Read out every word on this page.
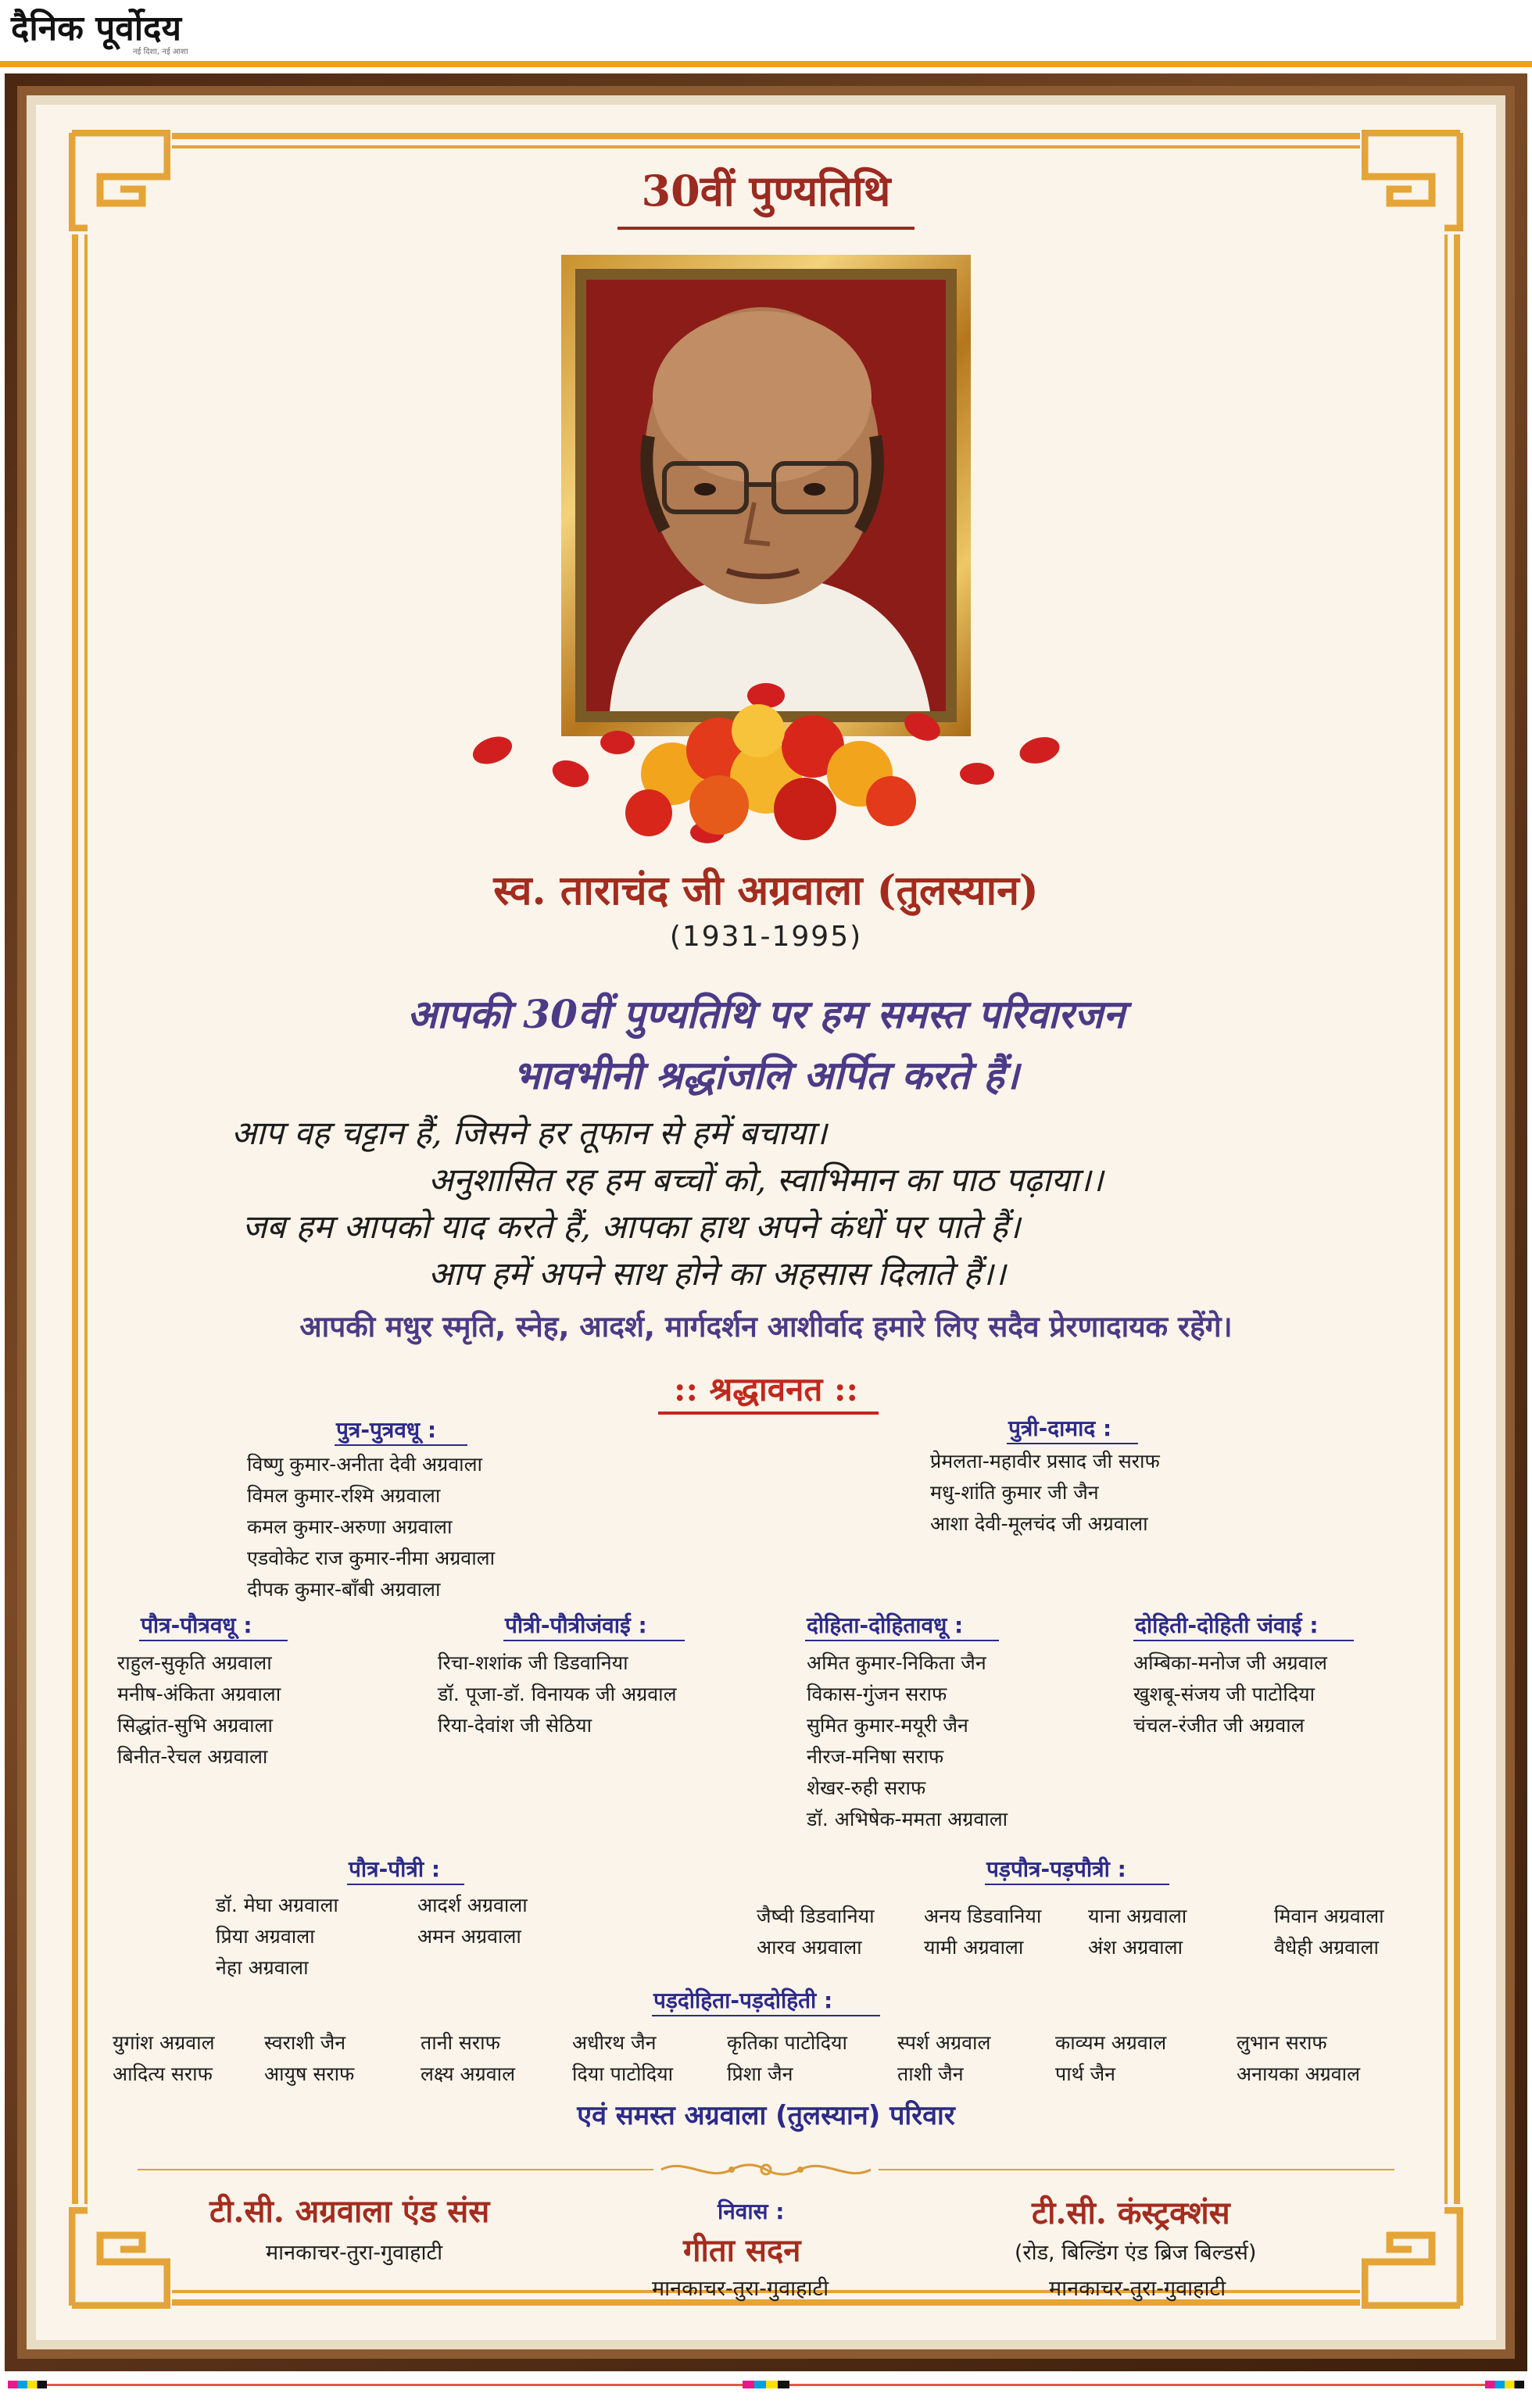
दैनिक पूर्वोदय
नई दिशा, नई आशा
30वीं पुण्यतिथि
स्व. ताराचंद जी अग्रवाला (तुलस्यान)
(1931-1995)
आपकी 30वीं पुण्यतिथि पर हम समस्त परिवारजन
भावभीनी श्रद्धांजलि अर्पित करते हैं।
आप वह चट्टान हैं, जिसने हर तूफान से हमें बचाया।
अनुशासित रह हम बच्चों को, स्वाभिमान का पाठ पढ़ाया।।
जब हम आपको याद करते हैं, आपका हाथ अपने कंधों पर पाते हैं।
आप हमें अपने साथ होने का अहसास दिलाते हैं।।
आपकी मधुर स्मृति, स्नेह, आदर्श, मार्गदर्शन आशीर्वाद हमारे लिए सदैव प्रेरणादायक रहेंगे।
:: श्रद्धावनत ::
पुत्र-पुत्रवधू :
विष्णु कुमार-अनीता देवी अग्रवाला
विमल कुमार-रश्मि अग्रवाला
कमल कुमार-अरुणा अग्रवाला
एडवोकेट राज कुमार-नीमा अग्रवाला
दीपक कुमार-बाँबी अग्रवाला
पुत्री-दामाद :
प्रेमलता-महावीर प्रसाद जी सराफ
मधु-शांति कुमार जी जैन
आशा देवी-मूलचंद जी अग्रवाला
पौत्र-पौत्रवधू :
राहुल-सुकृति अग्रवाला
मनीष-अंकिता अग्रवाला
सिद्धांत-सुभि अग्रवाला
बिनीत-रेचल अग्रवाला
पौत्री-पौत्रीजंवाई :
रिचा-शशांक जी डिडवानिया
डॉ. पूजा-डॉ. विनायक जी अग्रवाल
रिया-देवांश जी सेठिया
दोहिता-दोहितावधू :
अमित कुमार-निकिता जैन
विकास-गुंजन सराफ
सुमित कुमार-मयूरी जैन
नीरज-मनिषा सराफ
शेखर-रुही सराफ
डॉ. अभिषेक-ममता अग्रवाला
दोहिती-दोहिती जंवाई :
अम्बिका-मनोज जी अग्रवाल
खुशबू-संजय जी पाटोदिया
चंचल-रंजीत जी अग्रवाल
पौत्र-पौत्री :
डॉ. मेघा अग्रवाला
प्रिया अग्रवाला
नेहा अग्रवाला
आदर्श अग्रवाला
अमन अग्रवाला
पड़पौत्र-पड़पौत्री :
जैष्वी डिडवानिया
आरव अग्रवाला
अनय डिडवानिया
यामी अग्रवाला
याना अग्रवाला
अंश अग्रवाला
मिवान अग्रवाला
वैधेही अग्रवाला
पड़दोहिता-पड़दोहिती :
युगांश अग्रवाल
आदित्य सराफ
स्वराशी जैन
आयुष सराफ
तानी सराफ
लक्ष्य अग्रवाल
अधीरथ जैन
दिया पाटोदिया
कृतिका पाटोदिया
प्रिशा जैन
स्पर्श अग्रवाल
ताशी जैन
काव्यम अग्रवाल
पार्थ जैन
लुभान सराफ
अनायका अग्रवाल
एवं समस्त अग्रवाला (तुलस्यान) परिवार
टी.सी. अग्रवाला एंड संस
मानकाचर-तुरा-गुवाहाटी
निवास :
गीता सदन
मानकाचर-तुरा-गुवाहाटी
टी.सी. कंस्ट्रक्शंस
(रोड, बिल्डिंग एंड ब्रिज बिल्डर्स)
मानकाचर-तुरा-गुवाहाटी
